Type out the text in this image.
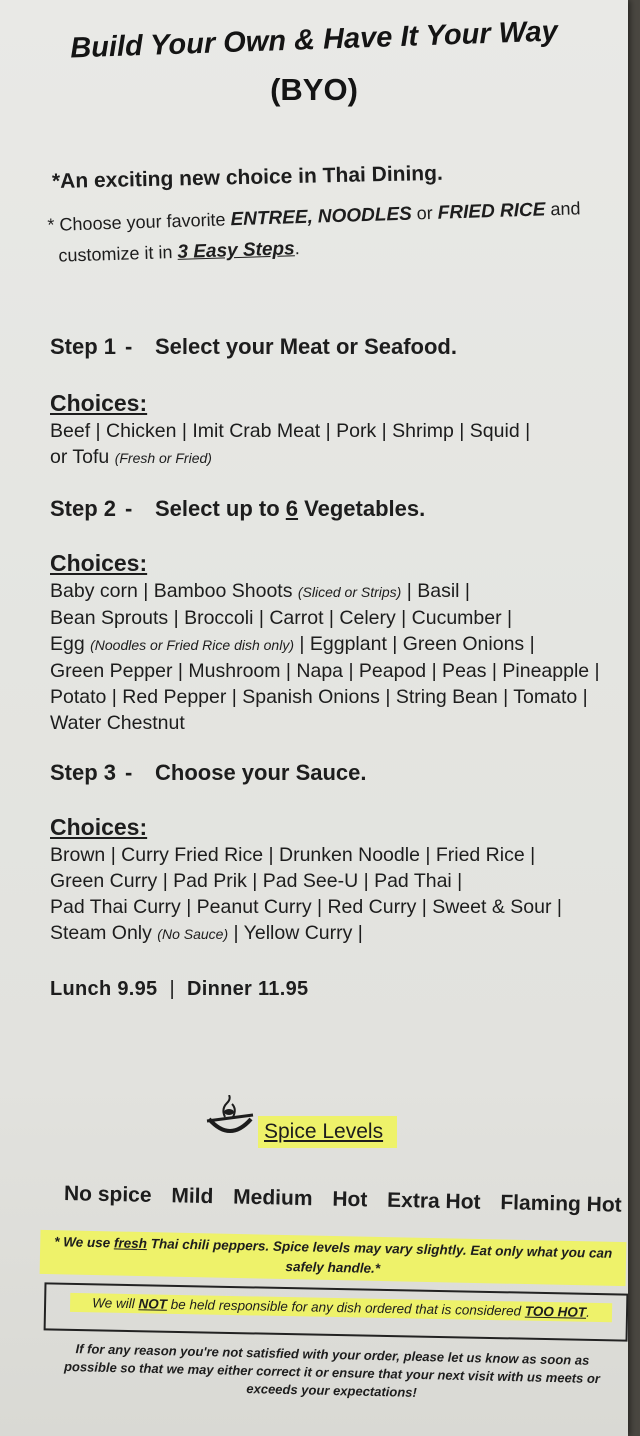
Build Your Own & Have It Your Way
(BYO)
*An exciting new choice in Thai Dining.
* Choose your favorite ENTREE, NOODLES or FRIED RICE and
customize it in 3 Easy Steps.
Step 1 - Select your Meat or Seafood.
Choices:
Beef | Chicken | Imit Crab Meat | Pork | Shrimp | Squid |
or Tofu (Fresh or Fried)
Step 2 - Select up to 6 Vegetables.
Choices:
Baby corn | Bamboo Shoots (Sliced or Strips) | Basil |
Bean Sprouts | Broccoli | Carrot | Celery | Cucumber |
Egg (Noodles or Fried Rice dish only) | Eggplant | Green Onions |
Green Pepper | Mushroom | Napa | Peapod | Peas | Pineapple |
Potato | Red Pepper | Spanish Onions | String Bean | Tomato |
Water Chestnut
Step 3 - Choose your Sauce.
Choices:
Brown | Curry Fried Rice | Drunken Noodle | Fried Rice |
Green Curry | Pad Prik | Pad See-U | Pad Thai |
Pad Thai Curry | Peanut Curry | Red Curry | Sweet & Sour |
Steam Only (No Sauce) | Yellow Curry |
Lunch 9.95 | Dinner 11.95
Spice Levels
No spice Mild Medium Hot Extra Hot Flaming Hot
* We use fresh Thai chili peppers. Spice levels may vary slightly. Eat only what you can safely handle.*
We will NOT be held responsible for any dish ordered that is considered TOO HOT.
If for any reason you're not satisfied with your order, please let us know as soon as possible so that we may either correct it or ensure that your next visit with us meets or exceeds your expectations!
